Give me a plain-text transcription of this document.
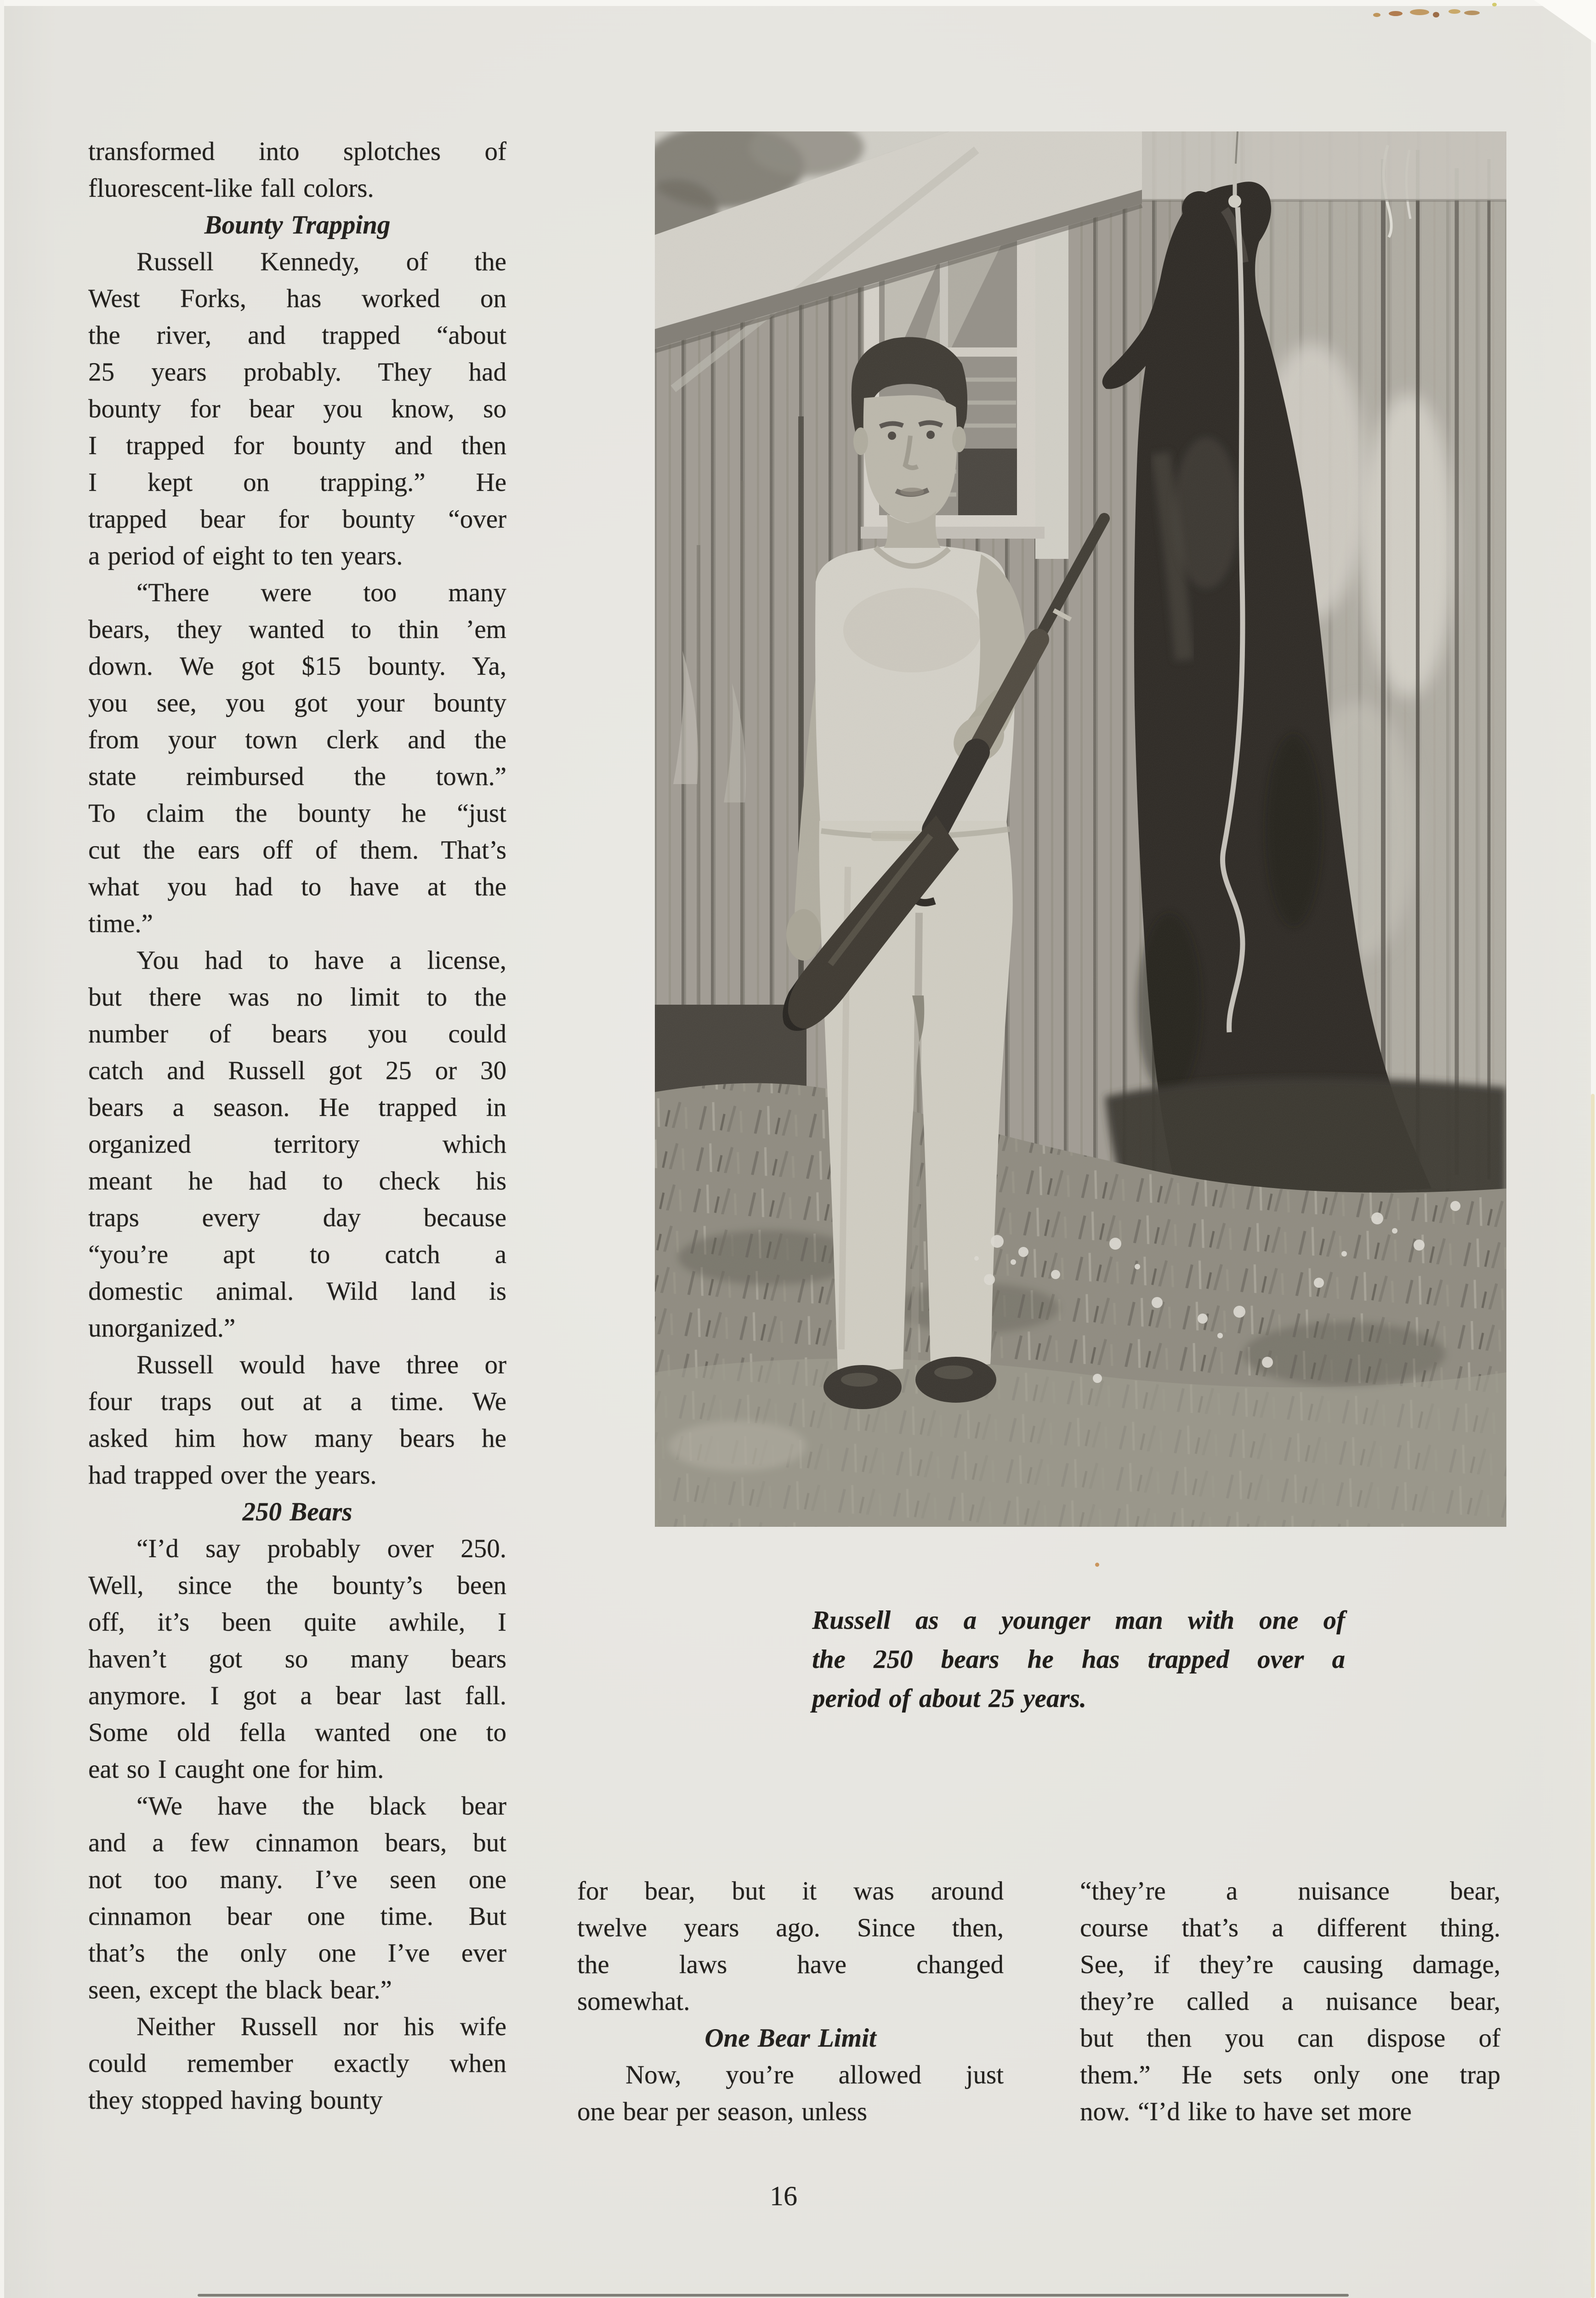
transformed into splotches of
fluorescent-like fall colors.
Bounty Trapping
Russell Kennedy, of the
West Forks, has worked on
the river, and trapped “about
25 years probably. They had
bounty for bear you know, so
I trapped for bounty and then
I kept on trapping.” He
trapped bear for bounty “over
a period of eight to ten years.
“There were too many
bears, they wanted to thin ’em
down. We got $15 bounty. Ya,
you see, you got your bounty
from your town clerk and the
state reimbursed the town.”
To claim the bounty he “just
cut the ears off of them. That’s
what you had to have at the
time.”
You had to have a license,
but there was no limit to the
number of bears you could
catch and Russell got 25 or 30
bears a season. He trapped in
organized territory which
meant he had to check his
traps every day because
“you’re apt to catch a
domestic animal. Wild land is
unorganized.”
Russell would have three or
four traps out at a time. We
asked him how many bears he
had trapped over the years.
250 Bears
“I’d say probably over 250.
Well, since the bounty’s been
off, it’s been quite awhile, I
haven’t got so many bears
anymore. I got a bear last fall.
Some old fella wanted one to
eat so I caught one for him.
“We have the black bear
and a few cinnamon bears, but
not too many. I’ve seen one
cinnamon bear one time. But
that’s the only one I’ve ever
seen, except the black bear.”
Neither Russell nor his wife
could remember exactly when
they stopped having bounty
Russell as a younger man with one of
the 250 bears he has trapped over a
period of about 25 years.
for bear, but it was around
twelve years ago. Since then,
the laws have changed
somewhat.
One Bear Limit
Now, you’re allowed just
one bear per season, unless
“they’re a nuisance bear,
course that’s a different thing.
See, if they’re causing damage,
they’re called a nuisance bear,
but then you can dispose of
them.” He sets only one trap
now. “I’d like to have set more
16
